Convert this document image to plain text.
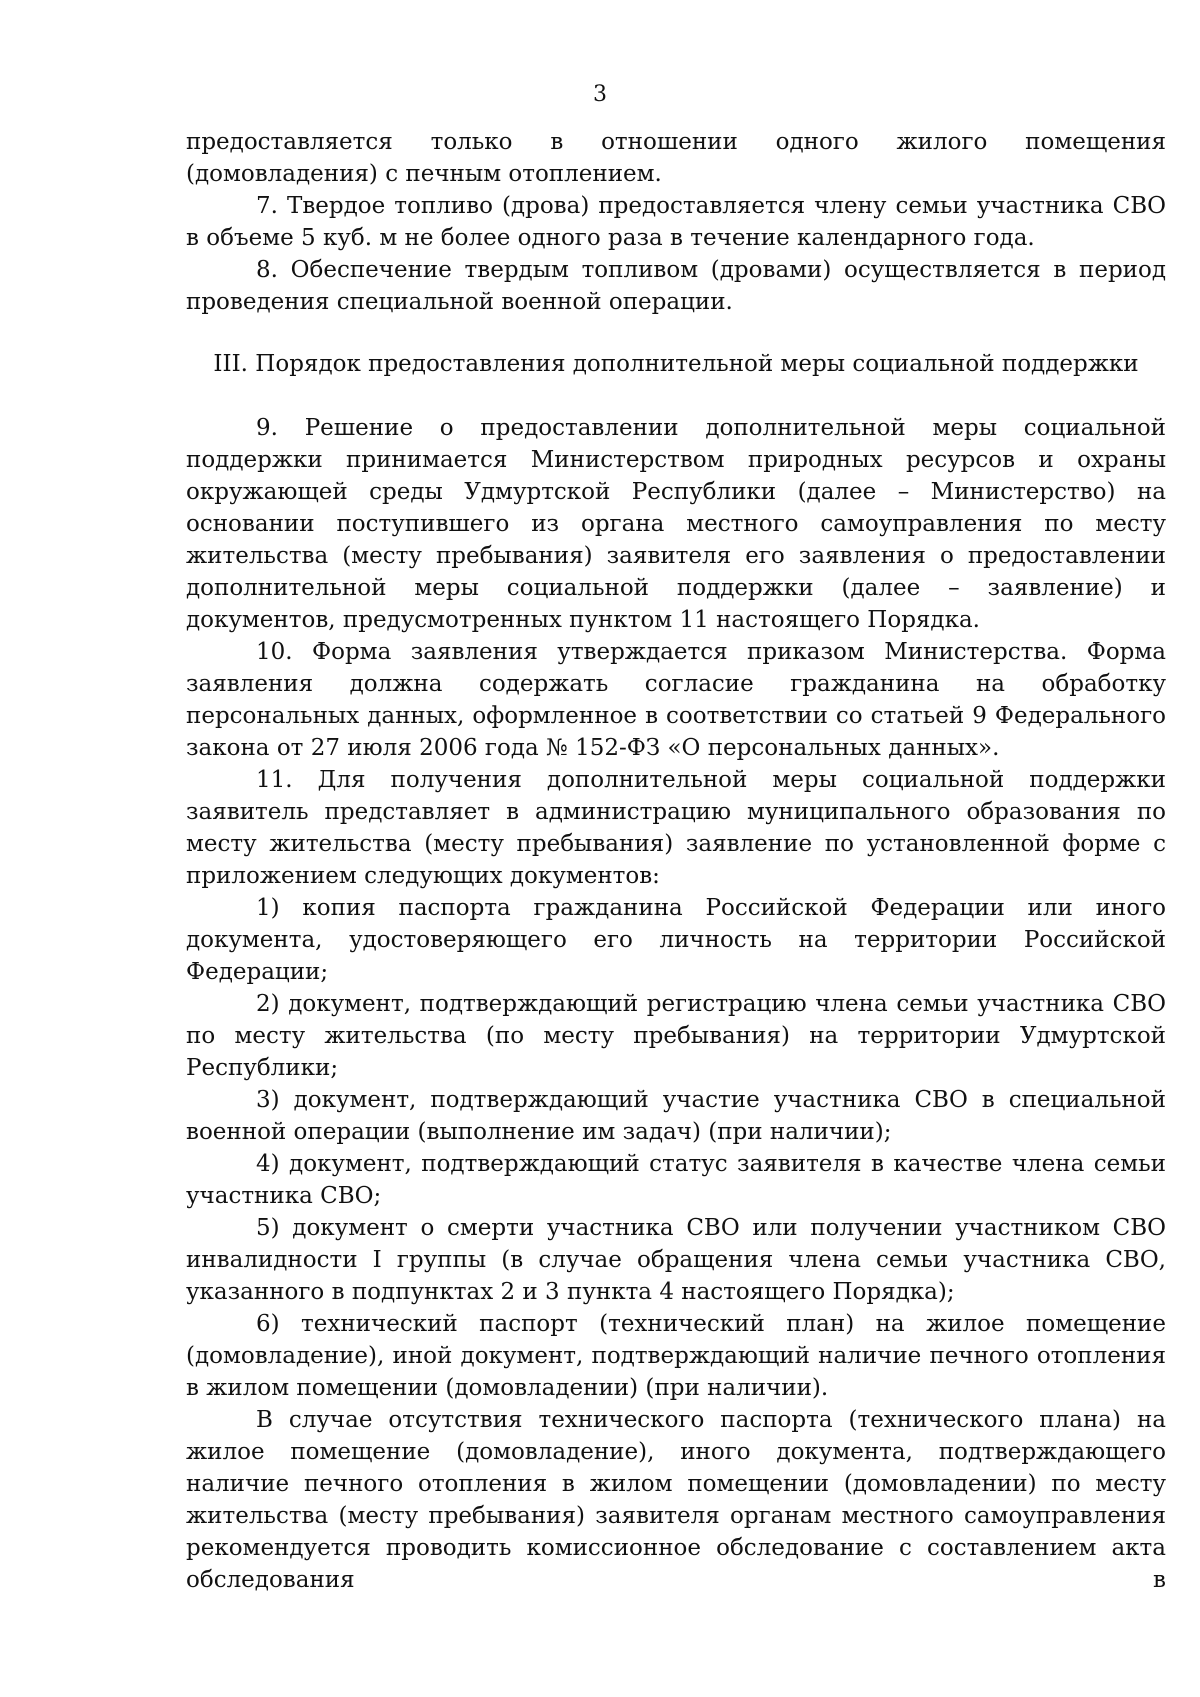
3

предоставляется только в отношении одного жилого помещения (домовладения) с печным отоплением.

7. Твердое топливо (дрова) предоставляется члену семьи участника СВО в объеме 5 куб. м не более одного раза в течение календарного года.

8. Обеспечение твердым топливом (дровами) осуществляется в период проведения специальной военной операции.

III. Порядок предоставления дополнительной меры социальной поддержки

9. Решение о предоставлении дополнительной меры социальной поддержки принимается Министерством природных ресурсов и охраны окружающей среды Удмуртской Республики (далее – Министерство) на основании поступившего из органа местного самоуправления по месту жительства (месту пребывания) заявителя его заявления о предоставлении дополнительной меры социальной поддержки (далее – заявление) и документов, предусмотренных пунктом 11 настоящего Порядка.

10. Форма заявления утверждается приказом Министерства. Форма заявления должна содержать согласие гражданина на обработку персональных данных, оформленное в соответствии со статьей 9 Федерального закона от 27 июля 2006 года № 152-ФЗ «О персональных данных».

11. Для получения дополнительной меры социальной поддержки заявитель представляет в администрацию муниципального образования по месту жительства (месту пребывания) заявление по установленной форме с приложением следующих документов:

1) копия паспорта гражданина Российской Федерации или иного документа, удостоверяющего его личность на территории Российской Федерации;

2) документ, подтверждающий регистрацию члена семьи участника СВО по месту жительства (по месту пребывания) на территории Удмуртской Республики;

3) документ, подтверждающий участие участника СВО в специальной военной операции (выполнение им задач) (при наличии);

4) документ, подтверждающий статус заявителя в качестве члена семьи участника СВО;

5) документ о смерти участника СВО или получении участником СВО инвалидности I группы (в случае обращения члена семьи участника СВО, указанного в подпунктах 2 и 3 пункта 4 настоящего Порядка);

6) технический паспорт (технический план) на жилое помещение (домовладение), иной документ, подтверждающий наличие печного отопления в жилом помещении (домовладении) (при наличии).

В случае отсутствия технического паспорта (технического плана) на жилое помещение (домовладение), иного документа, подтверждающего наличие печного отопления в жилом помещении (домовладении) по месту жительства (месту пребывания) заявителя органам местного самоуправления рекомендуется проводить комиссионное обследование с составлением акта обследования в
